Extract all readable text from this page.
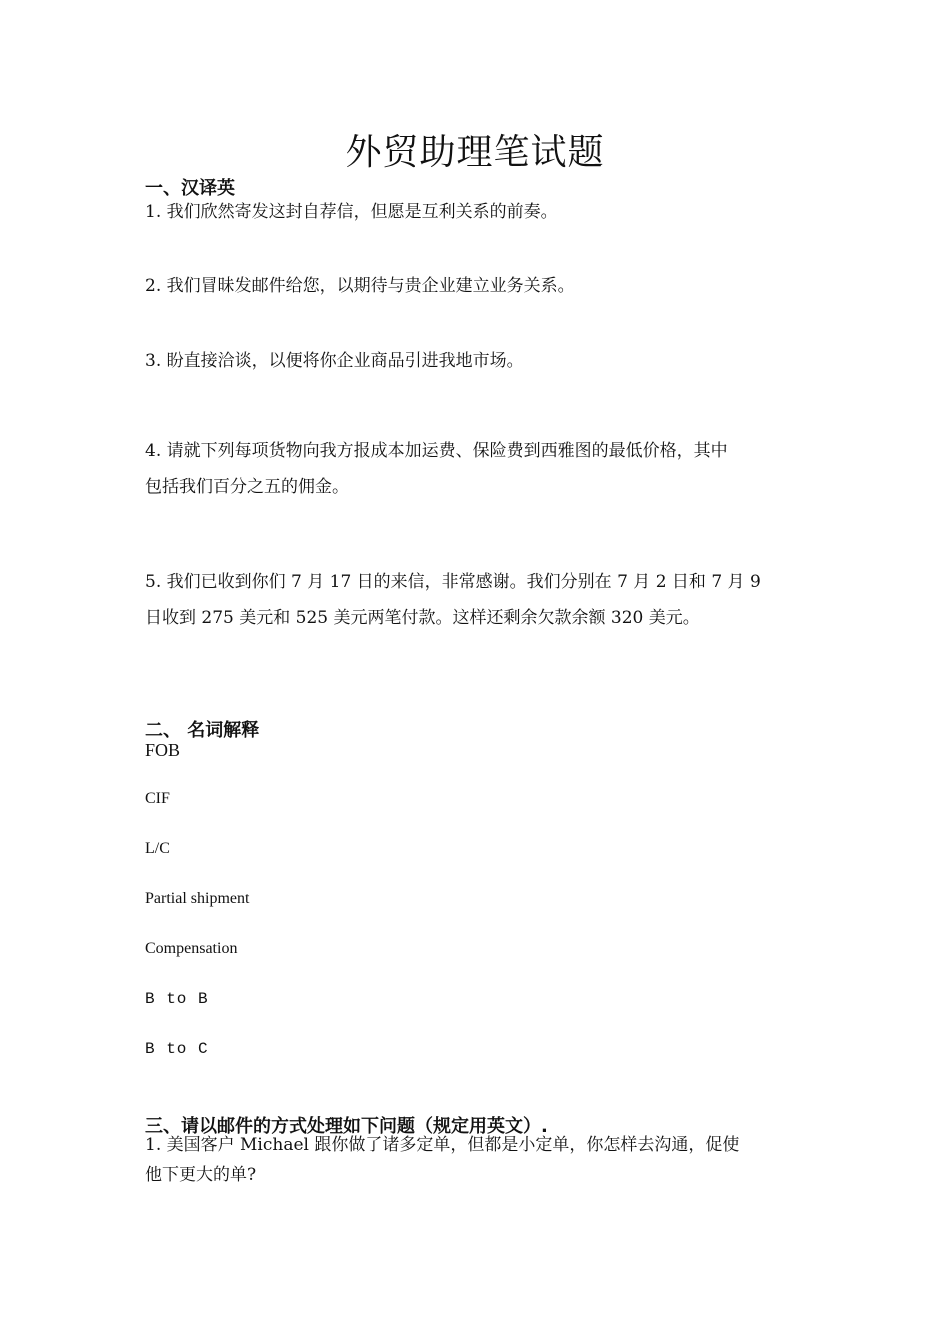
外贸助理笔试题
一、汉译英
1. 我们欣然寄发这封自荐信，但愿是互利关系的前奏。
2. 我们冒昧发邮件给您，以期待与贵企业建立业务关系。
3. 盼直接洽谈，以便将你企业商品引进我地市场。
4. 请就下列每项货物向我方报成本加运费、保险费到西雅图的最低价格，其中
包括我们百分之五的佣金。
5. 我们已收到你们 7 月 17 日的来信，非常感谢。我们分别在 7 月 2 日和 7 月 9
日收到 275 美元和 525 美元两笔付款。这样还剩余欠款余额 320 美元。
二、 名词解释
FOB
CIF
L/C
Partial shipment
Compensation
B to B
B to C
三、请以邮件的方式处理如下问题（规定用英文）.
1. 美国客户 Michael 跟你做了诸多定单，但都是小定单，你怎样去沟通，促使
他下更大的单?
